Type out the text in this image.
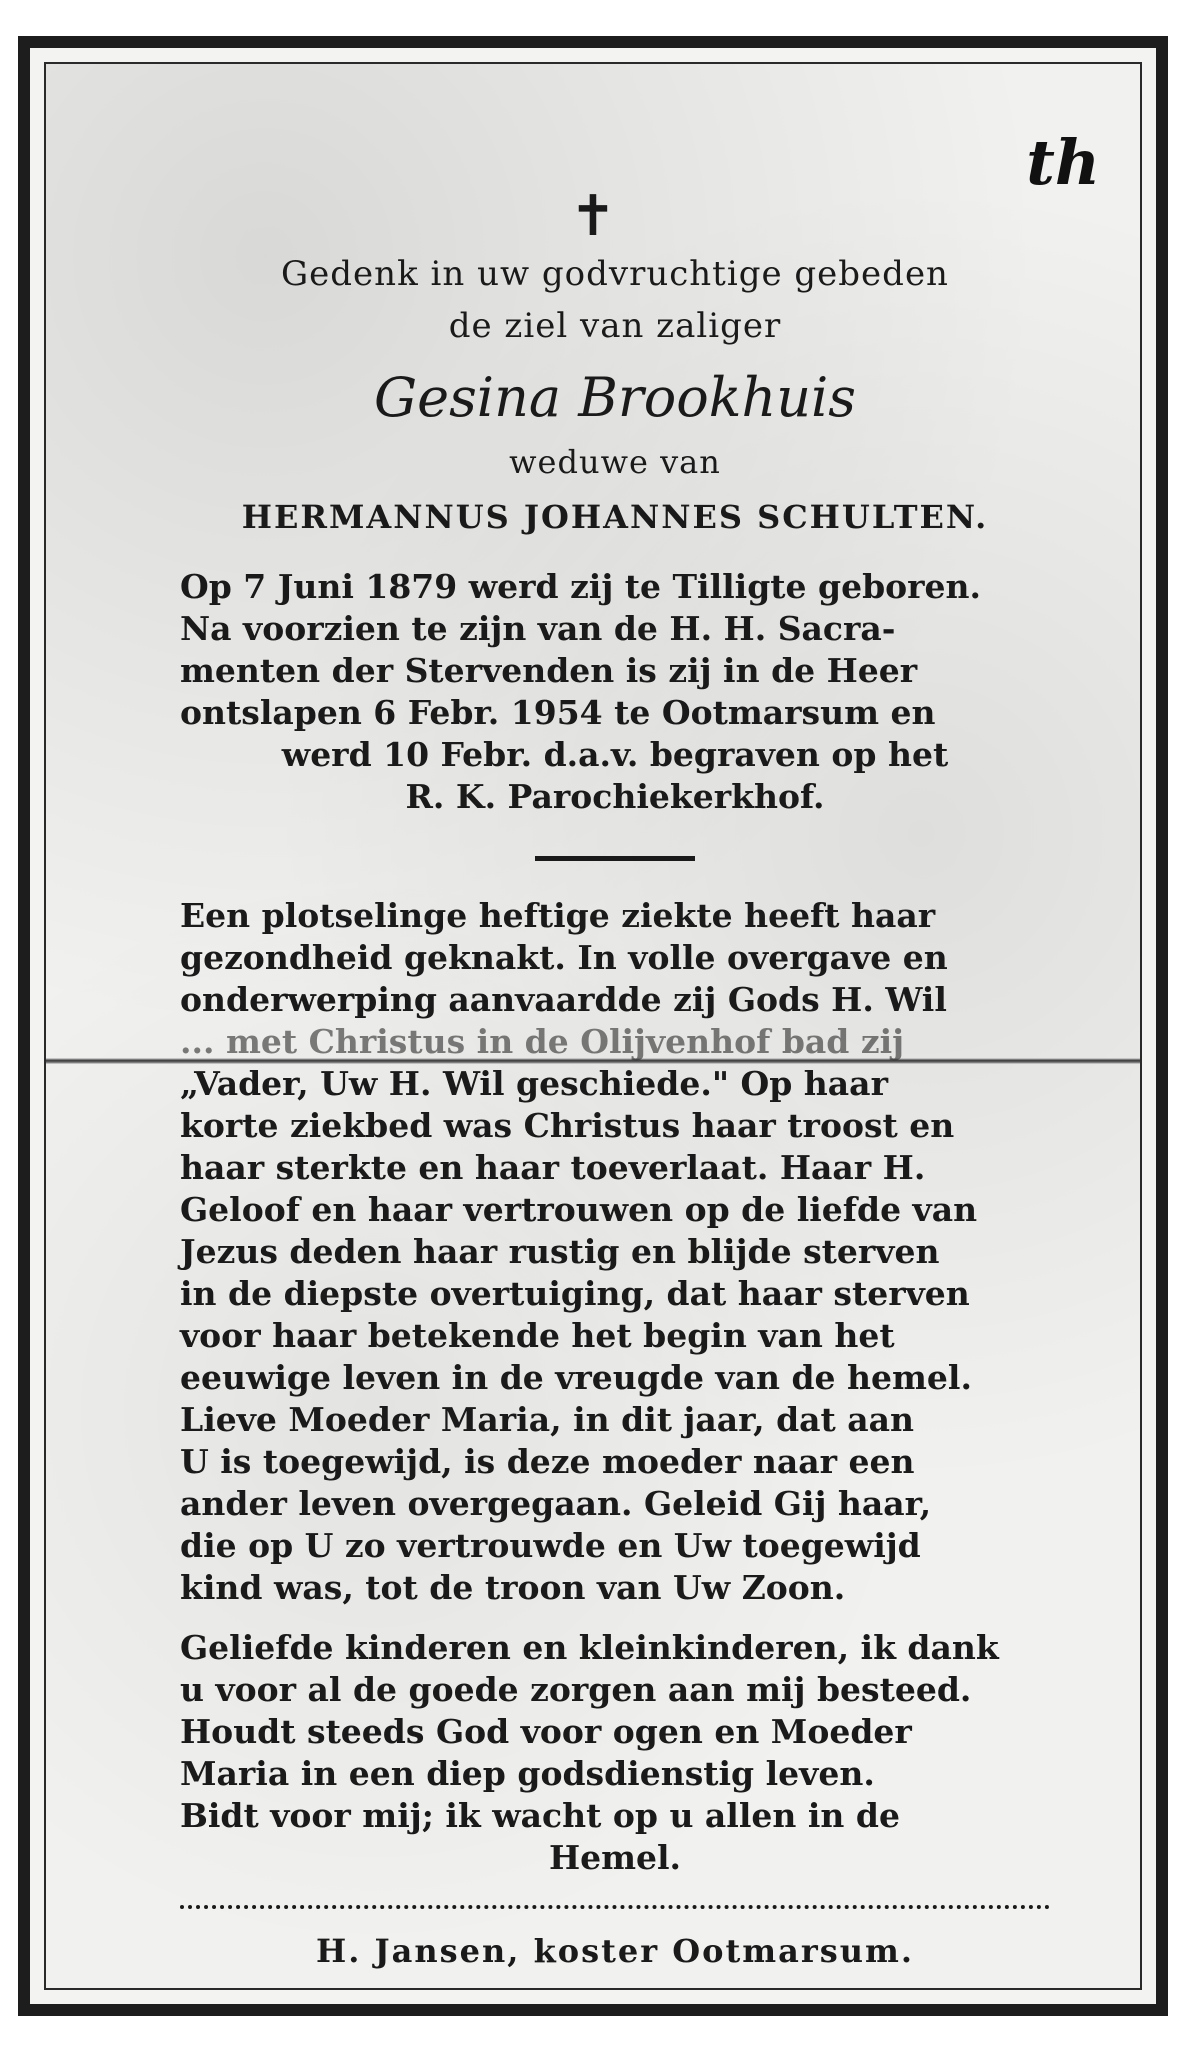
th
✝
Gedenk in uw godvruchtige gebeden
de ziel van zaliger
Gesina Brookhuis
weduwe van
HERMANNUS JOHANNES SCHULTEN.

Op 7 Juni 1879 werd zij te Tilligte geboren.

Na voorzien te zijn van de H. H. Sacra-

menten der Stervenden is zij in de Heer

ontslapen 6 Febr. 1954 te Ootmarsum en

werd 10 Febr. d.a.v. begraven op het

R. K. Parochiekerkhof.

Een plotselinge heftige ziekte heeft haar

gezondheid geknakt. In volle overgave en

onderwerping aanvaardde zij Gods H. Wil

... met Christus in de Olijvenhof bad zij

„Vader, Uw H. Wil geschiede." Op haar

korte ziekbed was Christus haar troost en

haar sterkte en haar toeverlaat. Haar H.

Geloof en haar vertrouwen op de liefde van

Jezus deden haar rustig en blijde sterven

in de diepste overtuiging, dat haar sterven

voor haar betekende het begin van het

eeuwige leven in de vreugde van de hemel.

Lieve Moeder Maria, in dit jaar, dat aan

U is toegewijd, is deze moeder naar een

ander leven overgegaan. Geleid Gij haar,

die op U zo vertrouwde en Uw toegewijd

kind was, tot de troon van Uw Zoon.

Geliefde kinderen en kleinkinderen, ik dank

u voor al de goede zorgen aan mij besteed.

Houdt steeds God voor ogen en Moeder

Maria in een diep godsdienstig leven.

Bidt voor mij; ik wacht op u allen in de

Hemel.

H. Jansen, koster Ootmarsum.
